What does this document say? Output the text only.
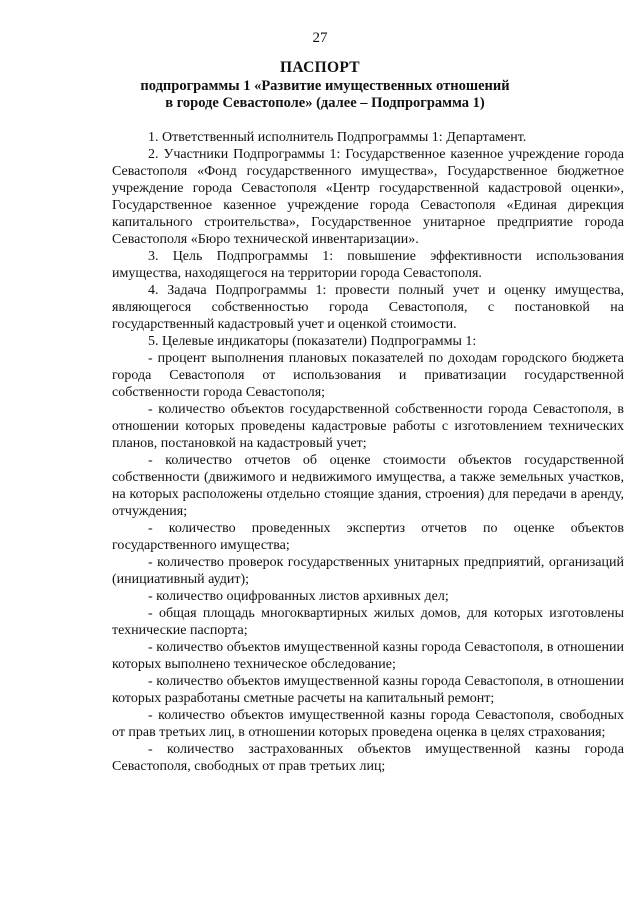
27
ПАСПОРТ
подпрограммы 1 «Развитие имущественных отношений
в городе Севастополе» (далее – Подпрограмма 1)

1. Ответственный исполнитель Подпрограммы 1: Департамент.

2. Участники Подпрограммы 1: Государственное казенное учреждение города Севастополя «Фонд государственного имущества», Государственное бюджетное учреждение города Севастополя «Центр государственной кадастровой оценки», Государственное казенное учреждение города Севастополя «Единая дирекция капитального строительства», Государственное унитарное предприятие города Севастополя «Бюро технической инвентаризации».

3. Цель Подпрограммы 1: повышение эффективности использования имущества, находящегося на территории города Севастополя.

4. Задача Подпрограммы 1: провести полный учет и оценку имущества, являющегося собственностью города Севастополя, с постановкой на государственный кадастровый учет и оценкой стоимости.

5. Целевые индикаторы (показатели) Подпрограммы 1:

- процент выполнения плановых показателей по доходам городского бюджета города Севастополя от использования и приватизации государственной собственности города Севастополя;

- количество объектов государственной собственности города Севастополя, в отношении которых проведены кадастровые работы с изготовлением технических планов, постановкой на кадастровый учет;

- количество отчетов об оценке стоимости объектов государственной собственности (движимого и недвижимого имущества, а также земельных участков, на которых расположены отдельно стоящие здания, строения) для передачи в аренду, отчуждения;

- количество проведенных экспертиз отчетов по оценке объектов государственного имущества;

- количество проверок государственных унитарных предприятий, организаций (инициативный аудит);

- количество оцифрованных листов архивных дел;

- общая площадь многоквартирных жилых домов, для которых изготовлены технические паспорта;

- количество объектов имущественной казны города Севастополя, в отношении которых выполнено техническое обследование;

- количество объектов имущественной казны города Севастополя, в отношении которых разработаны сметные расчеты на капитальный ремонт;

- количество объектов имущественной казны города Севастополя, свободных от прав третьих лиц, в отношении которых проведена оценка в целях страхования;

- количество застрахованных объектов имущественной казны города Севастополя, свободных от прав третьих лиц;
